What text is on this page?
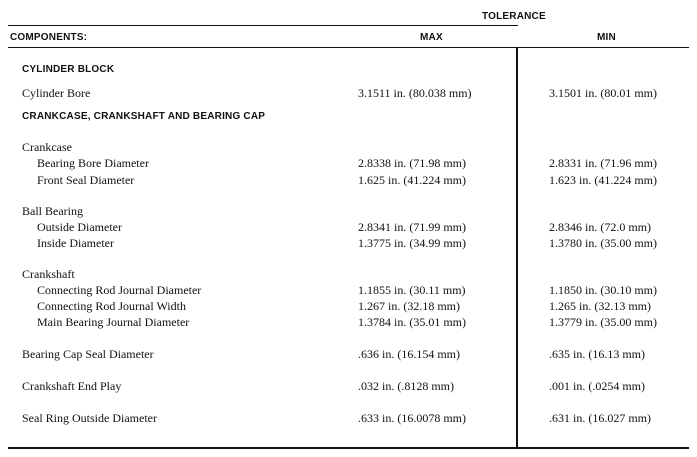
TOLERANCE
COMPONENTS:	MAX	MIN
CYLINDER BLOCK
Cylinder Bore	3.1511 in. (80.038 mm)	3.1501 in. (80.01 mm)
CRANKCASE, CRANKSHAFT AND BEARING CAP
Crankcase
Bearing Bore Diameter	2.8338 in. (71.98 mm)	2.8331 in. (71.96 mm)
Front Seal Diameter	1.625 in. (41.224 mm)	1.623 in. (41.224 mm)
Ball Bearing
Outside Diameter	2.8341 in. (71.99 mm)	2.8346 in. (72.0 mm)
Inside Diameter	1.3775 in. (34.99 mm)	1.3780 in. (35.00 mm)
Crankshaft
Connecting Rod Journal Diameter	1.1855 in. (30.11 mm)	1.1850 in. (30.10 mm)
Connecting Rod Journal Width	1.267 in. (32.18 mm)	1.265 in. (32.13 mm)
Main Bearing Journal Diameter	1.3784 in. (35.01 mm)	1.3779 in. (35.00 mm)
Bearing Cap Seal Diameter	.636 in. (16.154 mm)	.635 in. (16.13 mm)
Crankshaft End Play	.032 in. (.8128 mm)	.001 in. (.0254 mm)
Seal Ring Outside Diameter	.633 in. (16.0078 mm)	.631 in. (16.027 mm)
